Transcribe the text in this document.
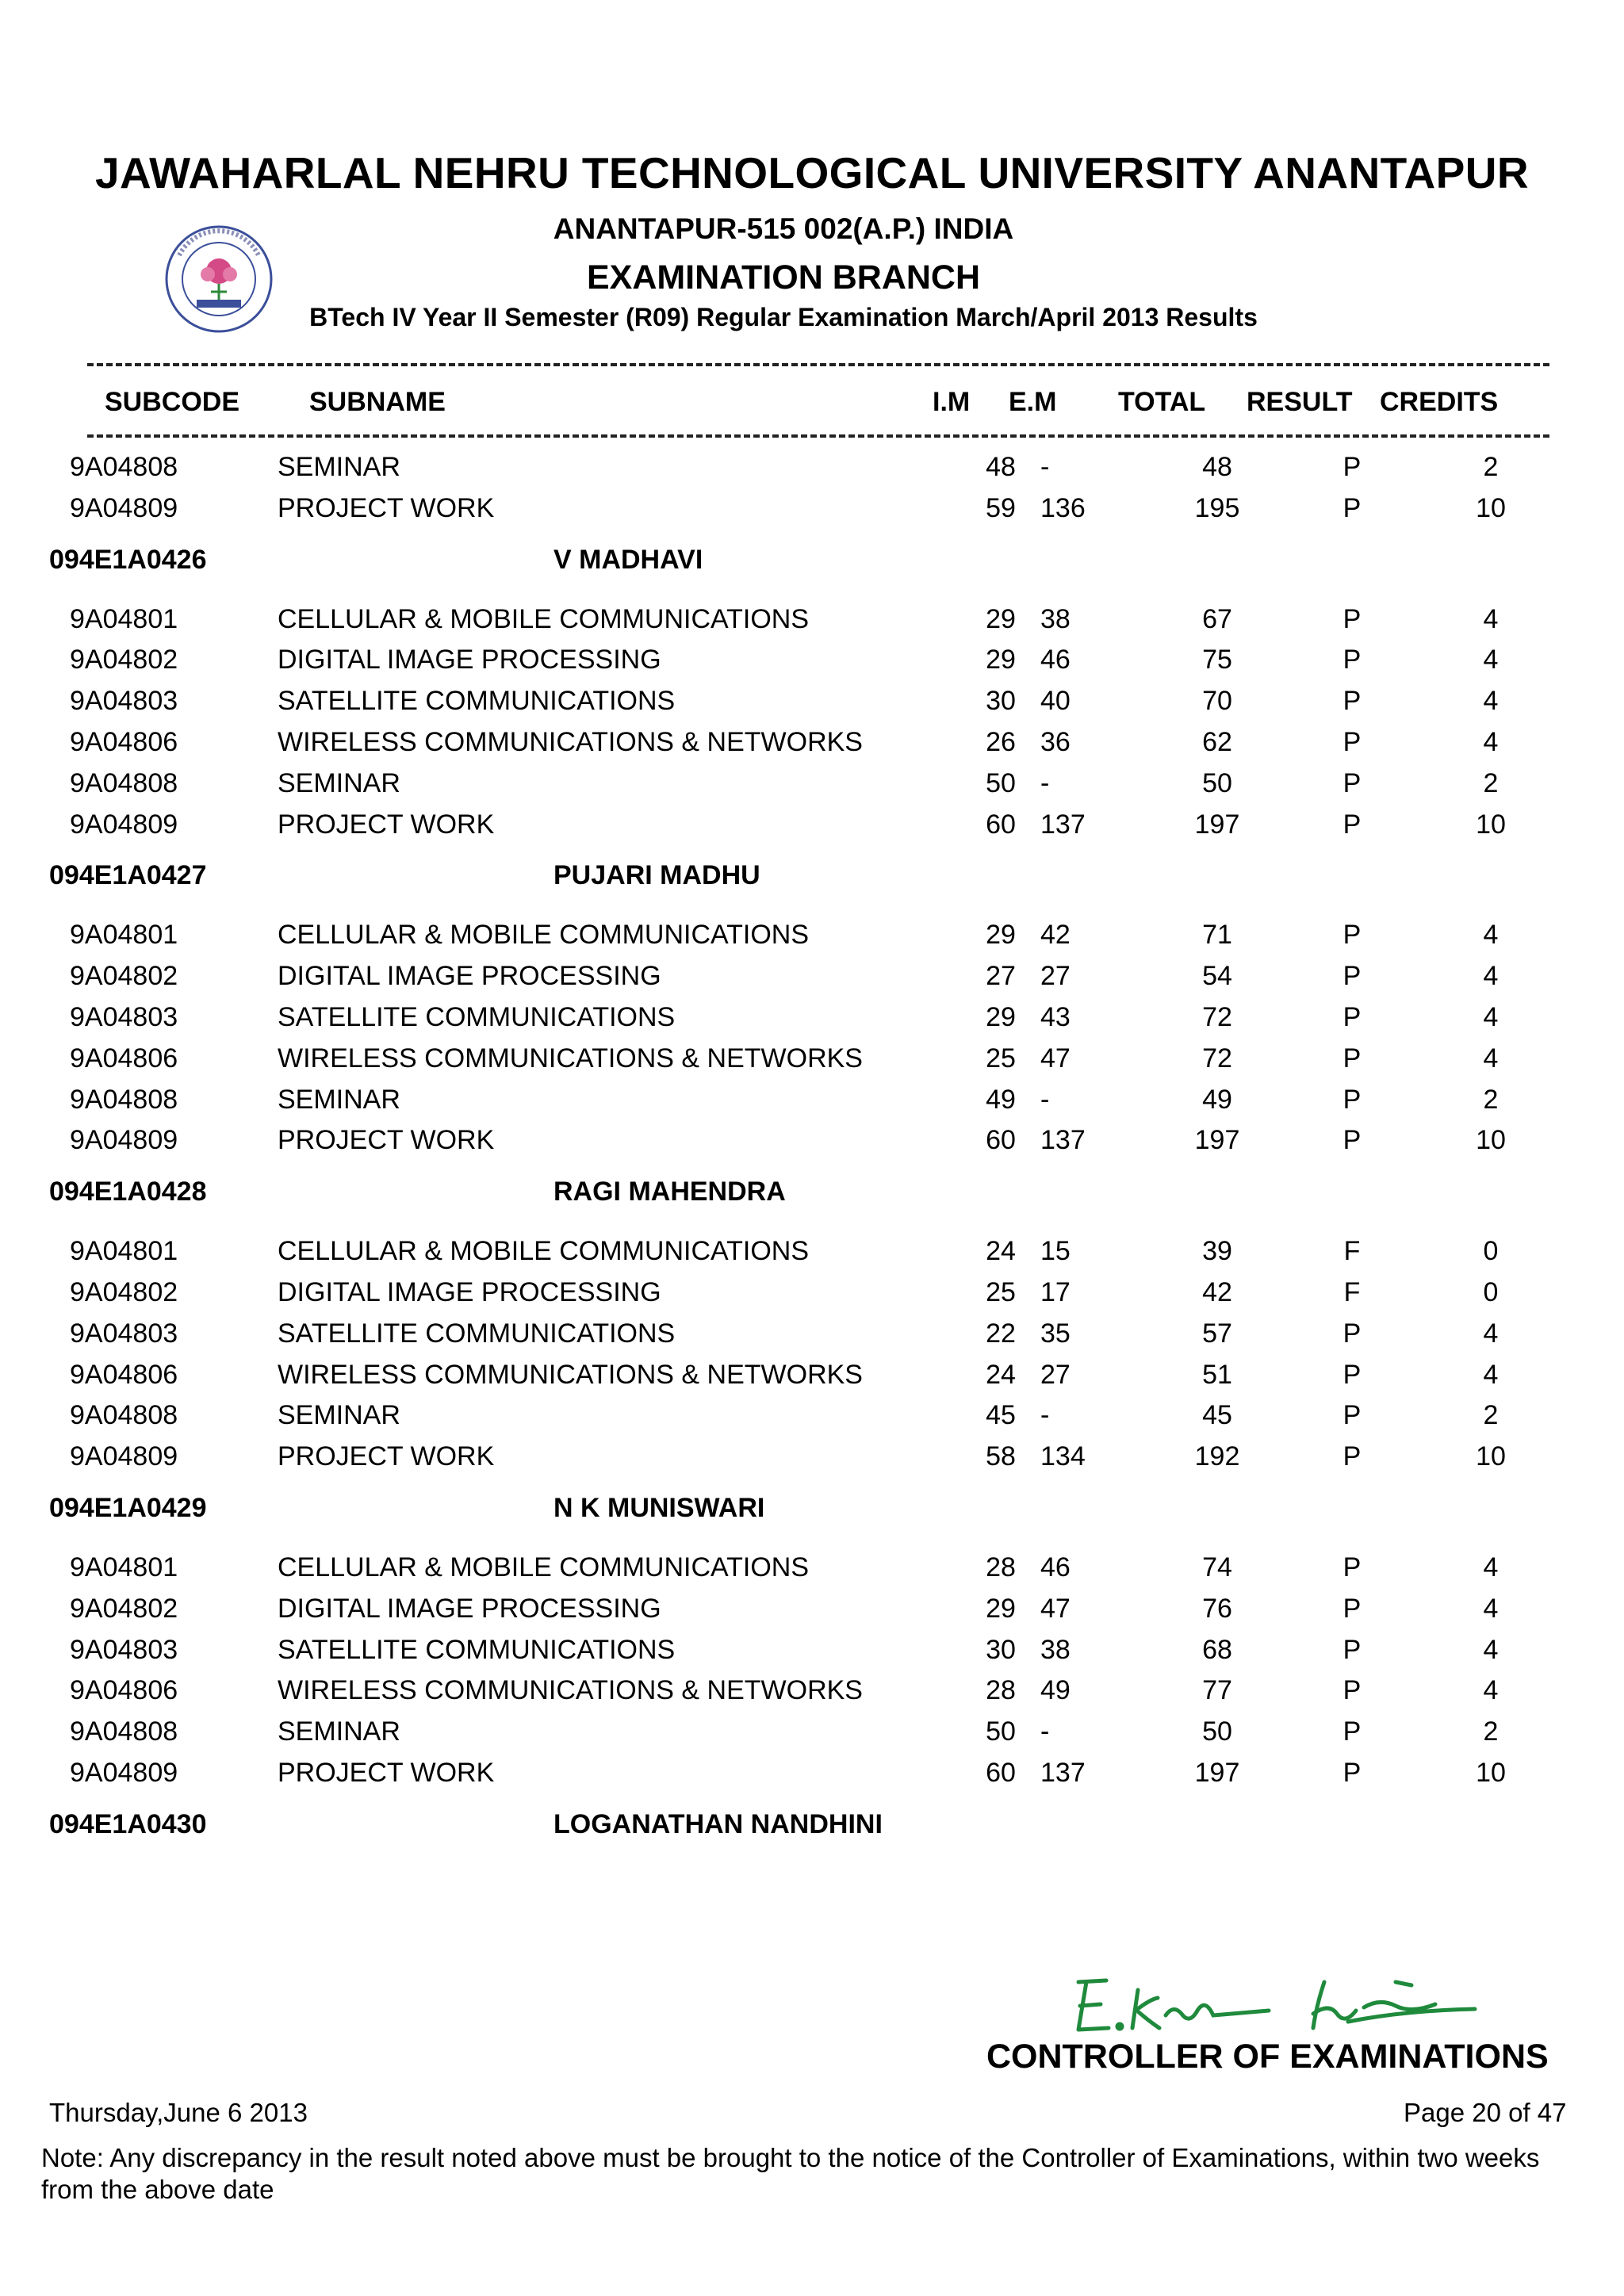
JAWAHARLAL NEHRU TECHNOLOGICAL UNIVERSITY ANANTAPUR
ANANTAPUR-515 002(A.P.) INDIA
EXAMINATION BRANCH
BTech IV Year II Semester (R09) Regular Examination March/April 2013 Results
SUBCODE	SUBNAME	I.M E.M TOTAL RESULT CREDITS
9A04808	SEMINAR	48 -	48	P	2
9A04809	PROJECT WORK	59 136	195	P	10
094E1A0426	V MADHAVI
9A04801	CELLULAR & MOBILE COMMUNICATIONS	29 38	67	P	4
9A04802	DIGITAL IMAGE PROCESSING	29 46	75	P	4
9A04803	SATELLITE COMMUNICATIONS	30 40	70	P	4
9A04806	WIRELESS COMMUNICATIONS & NETWORKS	26 36	62	P	4
9A04808	SEMINAR	50 -	50	P	2
9A04809	PROJECT WORK	60 137	197	P	10
094E1A0427	PUJARI MADHU
9A04801	CELLULAR & MOBILE COMMUNICATIONS	29 42	71	P	4
9A04802	DIGITAL IMAGE PROCESSING	27 27	54	P	4
9A04803	SATELLITE COMMUNICATIONS	29 43	72	P	4
9A04806	WIRELESS COMMUNICATIONS & NETWORKS	25 47	72	P	4
9A04808	SEMINAR	49 -	49	P	2
9A04809	PROJECT WORK	60 137	197	P	10
094E1A0428	RAGI MAHENDRA
9A04801	CELLULAR & MOBILE COMMUNICATIONS	24 15	39	F	0
9A04802	DIGITAL IMAGE PROCESSING	25 17	42	F	0
9A04803	SATELLITE COMMUNICATIONS	22 35	57	P	4
9A04806	WIRELESS COMMUNICATIONS & NETWORKS	24 27	51	P	4
9A04808	SEMINAR	45 -	45	P	2
9A04809	PROJECT WORK	58 134	192	P	10
094E1A0429	N K MUNISWARI
9A04801	CELLULAR & MOBILE COMMUNICATIONS	28 46	74	P	4
9A04802	DIGITAL IMAGE PROCESSING	29 47	76	P	4
9A04803	SATELLITE COMMUNICATIONS	30 38	68	P	4
9A04806	WIRELESS COMMUNICATIONS & NETWORKS	28 49	77	P	4
9A04808	SEMINAR	50 -	50	P	2
9A04809	PROJECT WORK	60 137	197	P	10
094E1A0430	LOGANATHAN NANDHINI
CONTROLLER OF EXAMINATIONS
Thursday,June 6 2013	Page 20 of 47
Note: Any discrepancy in the result noted above must be brought to the notice of the Controller of Examinations, within two weeks from the above date
